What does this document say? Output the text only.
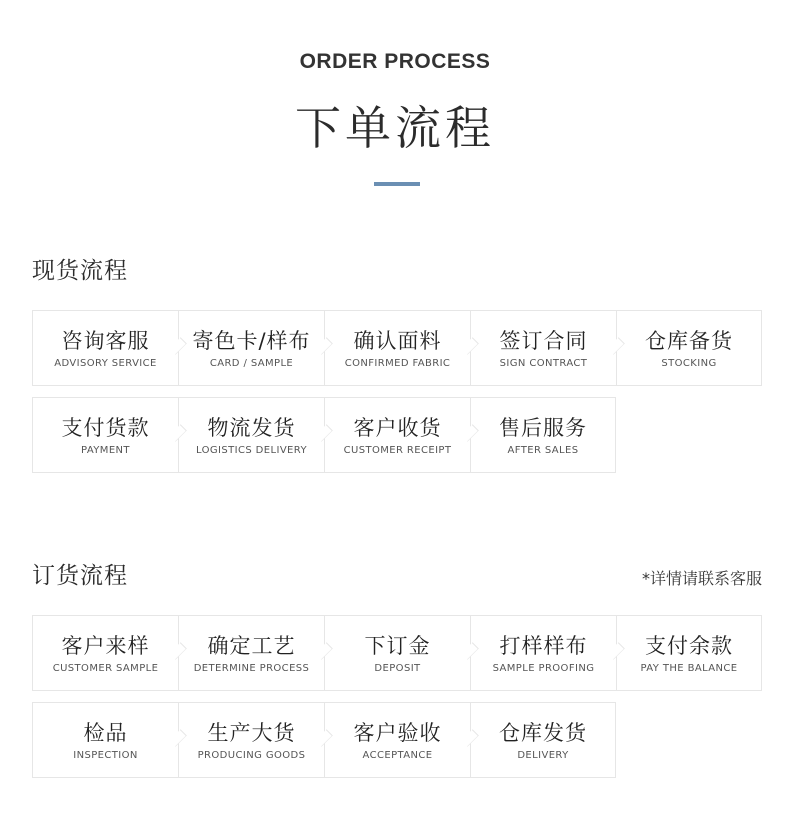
ORDER PROCESS
下单流程
现货流程
咨询客服
ADVISORY SERVICE
寄色卡/样布
CARD / SAMPLE
确认面料
CONFIRMED FABRIC
签订合同
SIGN CONTRACT
仓库备货
STOCKING
支付货款
PAYMENT
物流发货
LOGISTICS DELIVERY
客户收货
CUSTOMER RECEIPT
售后服务
AFTER SALES
订货流程	*详情请联系客服
客户来样
CUSTOMER SAMPLE
确定工艺
DETERMINE PROCESS
下订金
DEPOSIT
打样样布
SAMPLE PROOFING
支付余款
PAY THE BALANCE
检品
INSPECTION
生产大货
PRODUCING GOODS
客户验收
ACCEPTANCE
仓库发货
DELIVERY
